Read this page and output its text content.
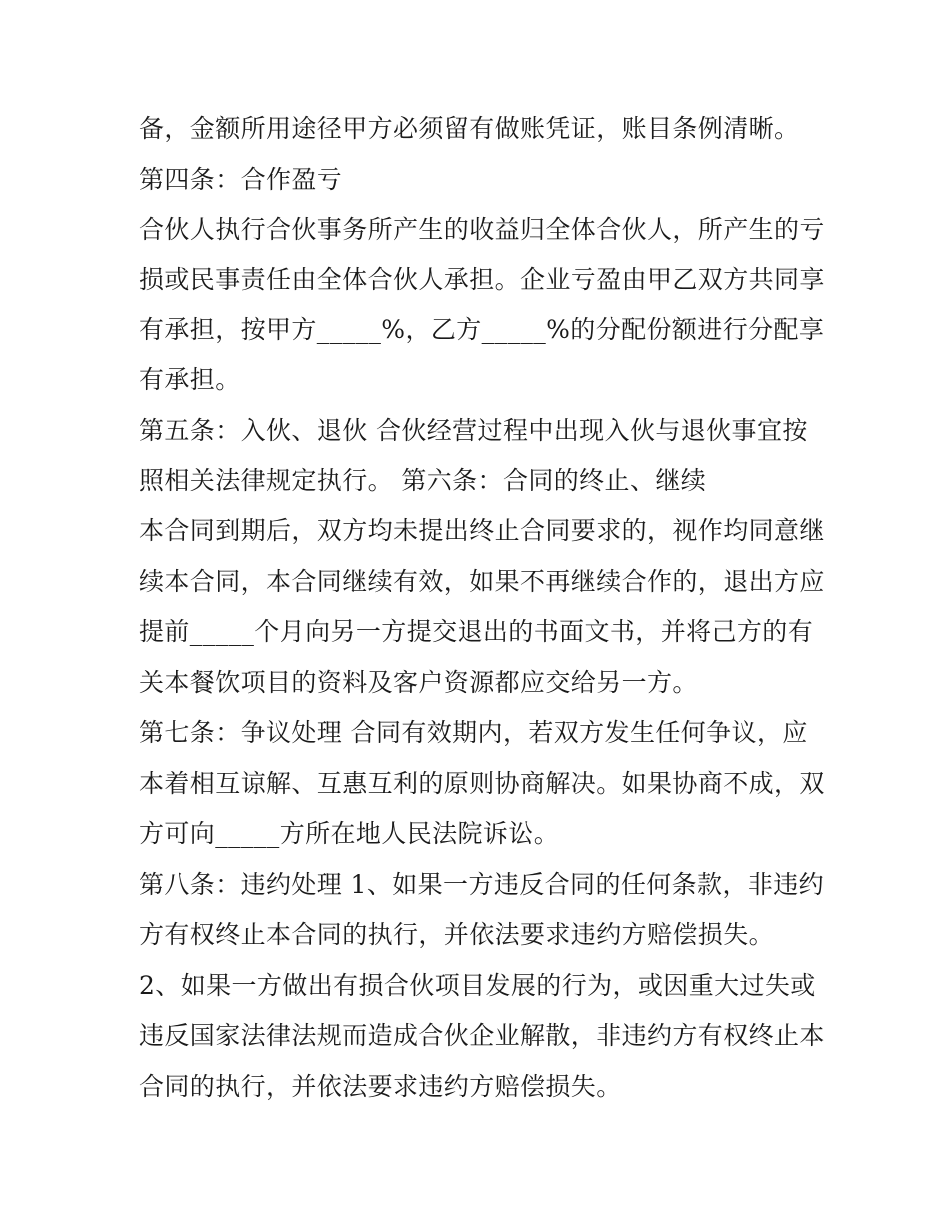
备，金额所用途径甲方必须留有做账凭证，账目条例清晰。
第四条：合作盈亏
合伙人执行合伙事务所产生的收益归全体合伙人，所产生的亏
损或民事责任由全体合伙人承担。企业亏盈由甲乙双方共同享
有承担，按甲方_____%，乙方_____%的分配份额进行分配享
有承担。
第五条：入伙、退伙 合伙经营过程中出现入伙与退伙事宜按
照相关法律规定执行。 第六条：合同的终止、继续
本合同到期后，双方均未提出终止合同要求的，视作均同意继
续本合同，本合同继续有效，如果不再继续合作的，退出方应
提前_____个月向另一方提交退出的书面文书，并将己方的有
关本餐饮项目的资料及客户资源都应交给另一方。
第七条：争议处理 合同有效期内，若双方发生任何争议，应
本着相互谅解、互惠互利的原则协商解决。如果协商不成，双
方可向_____方所在地人民法院诉讼。
第八条：违约处理 1、如果一方违反合同的任何条款，非违约
方有权终止本合同的执行，并依法要求违约方赔偿损失。
2、如果一方做出有损合伙项目发展的行为，或因重大过失或
违反国家法律法规而造成合伙企业解散，非违约方有权终止本
合同的执行，并依法要求违约方赔偿损失。
